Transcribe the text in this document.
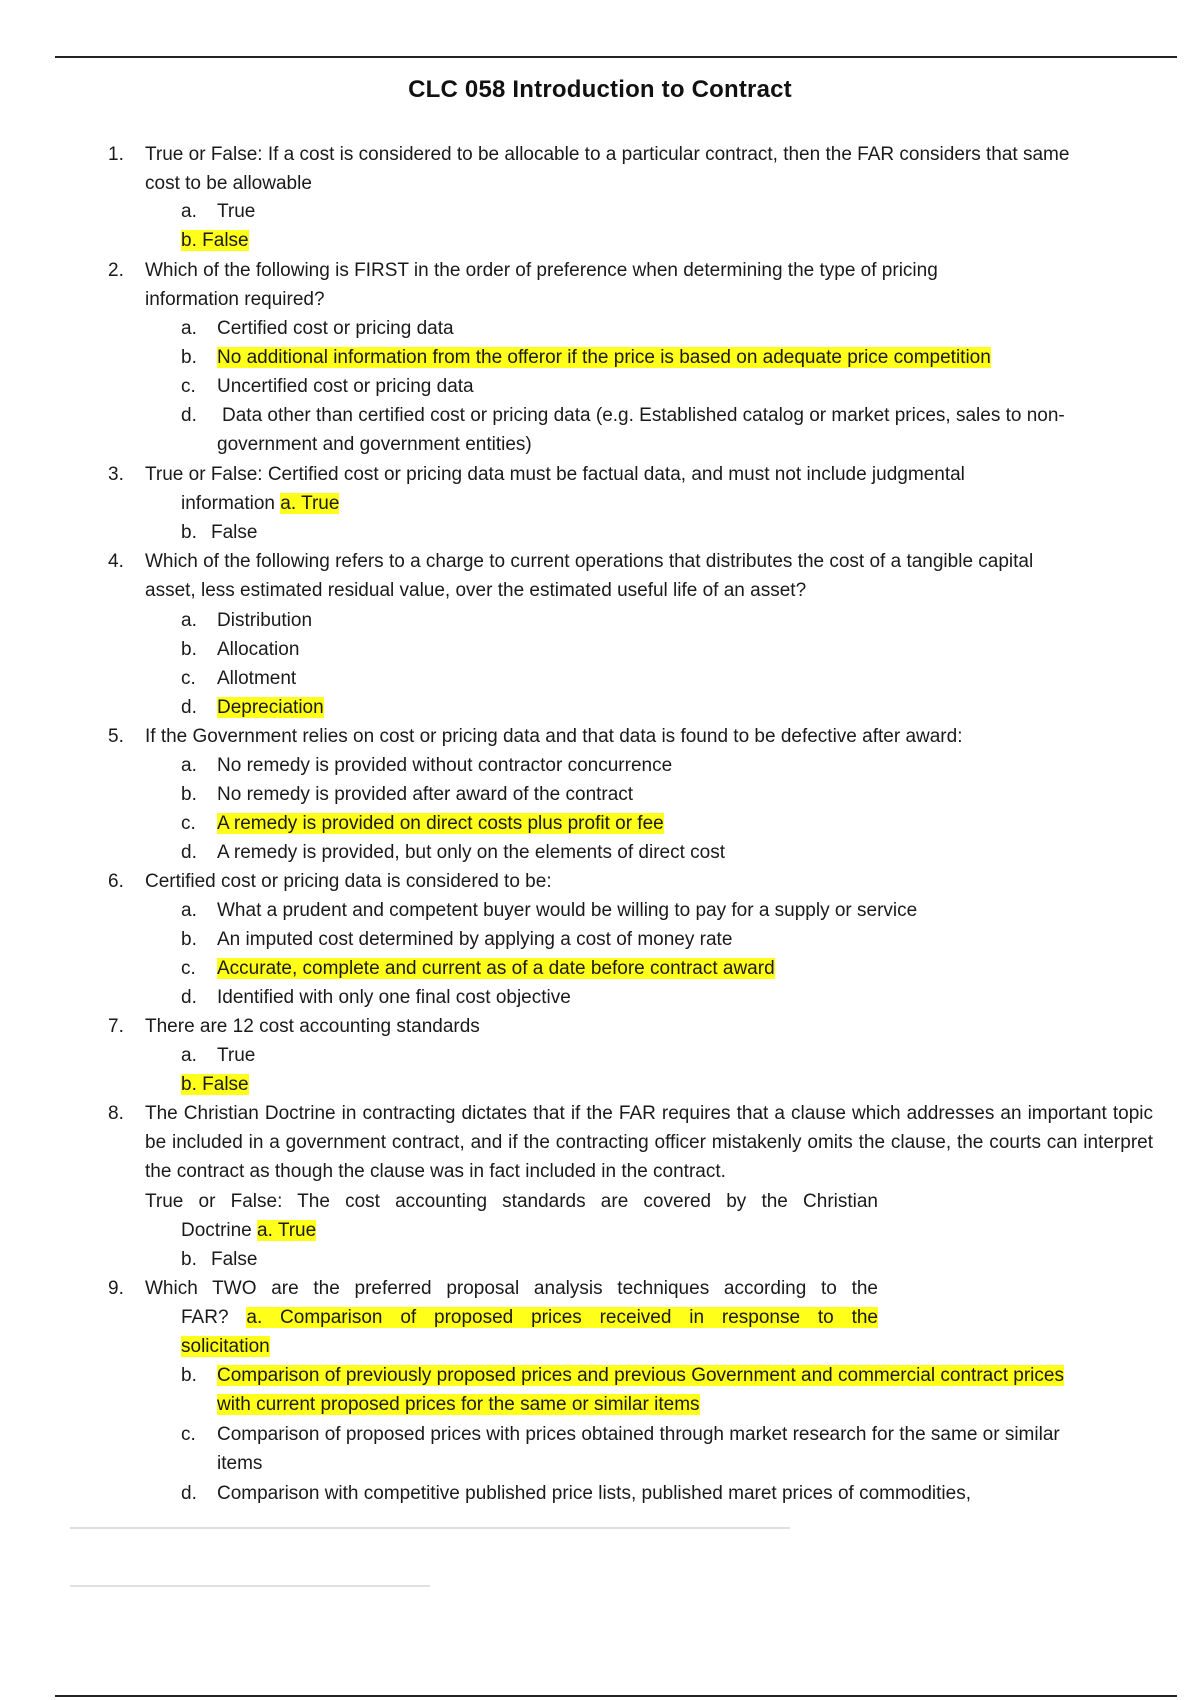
CLC 058 Introduction to Contract
1.	True or False: If a cost is considered to be allocable to a particular contract, then the FAR considers that same cost to be allowable
a. True
b. False
2.	Which of the following is FIRST in the order of preference when determining the type of pricing information required?
a. Certified cost or pricing data
b. No additional information from the offeror if the price is based on adequate price competition
c. Uncertified cost or pricing data
d. Data other than certified cost or pricing data (e.g. Established catalog or market prices, sales to non- government and government entities)
3.	True or False: Certified cost or pricing data must be factual data, and must not include judgmental
information a. True
b. False
4.	Which of the following refers to a charge to current operations that distributes the cost of a tangible capital asset, less estimated residual value, over the estimated useful life of an asset?
a. Distribution
b. Allocation
c. Allotment
d. Depreciation
5.	If the Government relies on cost or pricing data and that data is found to be defective after award:
a. No remedy is provided without contractor concurrence
b. No remedy is provided after award of the contract
c. A remedy is provided on direct costs plus profit or fee
d. A remedy is provided, but only on the elements of direct cost
6.	Certified cost or pricing data is considered to be:
a. What a prudent and competent buyer would be willing to pay for a supply or service
b. An imputed cost determined by applying a cost of money rate
c. Accurate, complete and current as of a date before contract award
d. Identified with only one final cost objective
7.	There are 12 cost accounting standards
a. True
b. False
8.	The Christian Doctrine in contracting dictates that if the FAR requires that a clause which addresses an important topic be included in a government contract, and if the contracting officer mistakenly omits the clause, the courts can interpret the contract as though the clause was in fact included in the contract.
True or False: The cost accounting standards are covered by the Christian
Doctrine a. True
b. False
9.	Which TWO are the preferred proposal analysis techniques according to the
FAR? a. Comparison of proposed prices received in response to the
solicitation
b. Comparison of previously proposed prices and previous Government and commercial contract prices with current proposed prices for the same or similar items
c. Comparison of proposed prices with prices obtained through market research for the same or similar items
d. Comparison with competitive published price lists, published maret prices of commodities,
